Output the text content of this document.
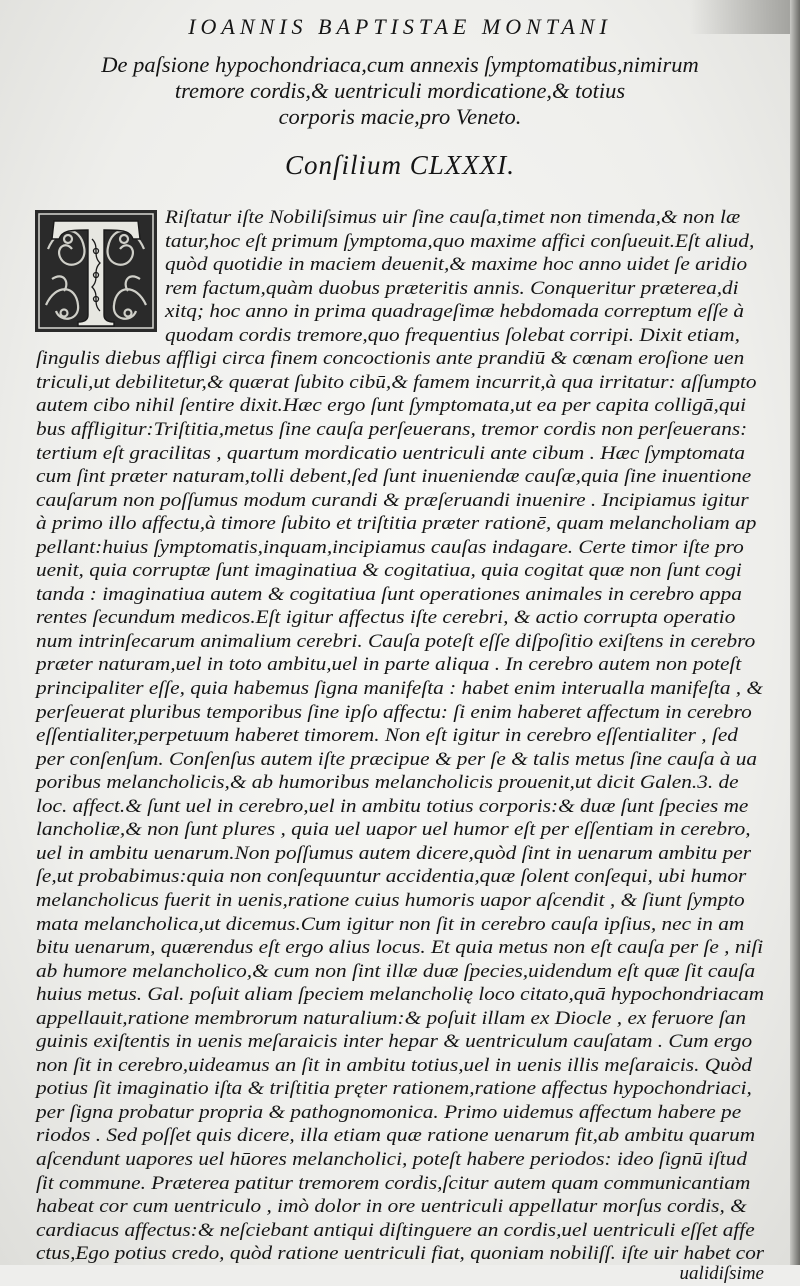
IOANNIS BAPTISTAE MONTANI
De paſsione hypochondriaca,cum annexis ſymptomatibus,nimirum
tremore cordis,& uentriculi mordicatione,& totius
corporis macie,pro Veneto.
Conſilium CLXXXI.
Riſtatur iſte Nobiliſsimus uir ſine cauſa,timet non timenda,& non læ
tatur,hoc eſt primum ſymptoma,quo maxime affici conſueuit.Eſt aliud,
quòd quotidie in maciem deuenit,& maxime hoc anno uidet ſe aridio
rem factum,quàm duobus præteritis annis. Conqueritur præterea,di
xitq; hoc anno in prima quadrageſimæ hebdomada correptum eſſe à
quodam cordis tremore,quo frequentius ſolebat corripi. Dixit etiam,
ſingulis diebus affligi circa finem concoctionis ante prandiū & cœnam eroſione uen
triculi,ut debilitetur,& quærat ſubito cibū,& famem incurrit,à qua irritatur: aſſumpto
autem cibo nihil ſentire dixit.Hæc ergo ſunt ſymptomata,ut ea per capita colligā,qui
bus affligitur:Triſtitia,metus ſine cauſa perſeuerans, tremor cordis non perſeuerans:
tertium eſt gracilitas , quartum mordicatio uentriculi ante cibum . Hæc ſymptomata
cum ſint præter naturam,tolli debent,ſed ſunt inueniendæ cauſæ,quia ſine inuentione
cauſarum non poſſumus modum curandi & præſeruandi inuenire . Incipiamus igitur
à primo illo affectu,à timore ſubito et triſtitia præter rationē, quam melancholiam ap
pellant:huius ſymptomatis,inquam,incipiamus cauſas indagare. Certe timor iſte pro
uenit, quia corruptæ ſunt imaginatiua & cogitatiua, quia cogitat quæ non ſunt cogi
tanda : imaginatiua autem & cogitatiua ſunt operationes animales in cerebro appa
rentes ſecundum medicos.Eſt igitur affectus iſte cerebri, & actio corrupta operatio
num intrinſecarum animalium cerebri. Cauſa poteſt eſſe diſpoſitio exiſtens in cerebro
præter naturam,uel in toto ambitu,uel in parte aliqua . In cerebro autem non poteſt
principaliter eſſe, quia habemus ſigna manifeſta : habet enim interualla manifeſta , &
perſeuerat pluribus temporibus ſine ipſo affectu: ſi enim haberet affectum in cerebro
eſſentialiter,perpetuum haberet timorem. Non eſt igitur in cerebro eſſentialiter , ſed
per conſenſum. Conſenſus autem iſte præcipue & per ſe & talis metus ſine cauſa à ua
poribus melancholicis,& ab humoribus melancholicis prouenit,ut dicit Galen.3. de
loc. affect.& ſunt uel in cerebro,uel in ambitu totius corporis:& duæ ſunt ſpecies me
lancholiæ,& non ſunt plures , quia uel uapor uel humor eſt per eſſentiam in cerebro,
uel in ambitu uenarum.Non poſſumus autem dicere,quòd ſint in uenarum ambitu per
ſe,ut probabimus:quia non conſequuntur accidentia,quæ ſolent conſequi, ubi humor
melancholicus fuerit in uenis,ratione cuius humoris uapor aſcendit , & ſiunt ſympto
mata melancholica,ut dicemus.Cum igitur non ſit in cerebro cauſa ipſius, nec in am
bitu uenarum, quærendus eſt ergo alius locus. Et quia metus non eſt cauſa per ſe , niſi
ab humore melancholico,& cum non ſint illæ duæ ſpecies,uidendum eſt quæ ſit cauſa
huius metus. Gal. poſuit aliam ſpeciem melancholię loco citato,quā hypochondriacam
appellauit,ratione membrorum naturalium:& poſuit illam ex Diocle , ex feruore ſan
guinis exiſtentis in uenis meſaraicis inter hepar & uentriculum cauſatam . Cum ergo
non ſit in cerebro,uideamus an ſit in ambitu totius,uel in uenis illis meſaraicis. Quòd
potius ſit imaginatio iſta & triſtitia pręter rationem,ratione affectus hypochondriaci,
per ſigna probatur propria & pathognomonica. Primo uidemus affectum habere pe
riodos . Sed poſſet quis dicere, illa etiam quæ ratione uenarum fit,ab ambitu quarum
aſcendunt uapores uel hūores melancholici, poteſt habere periodos: ideo ſignū iſtud
ſit commune. Præterea patitur tremorem cordis,ſcitur autem quam communicantiam
habeat cor cum uentriculo , imò dolor in ore uentriculi appellatur morſus cordis, &
cardiacus affectus:& neſciebant antiqui diſtinguere an cordis,uel uentriculi eſſet affe
ctus,Ego potius credo, quòd ratione uentriculi fiat, quoniam nobiliſſ. iſte uir habet cor
ualidiſsime
